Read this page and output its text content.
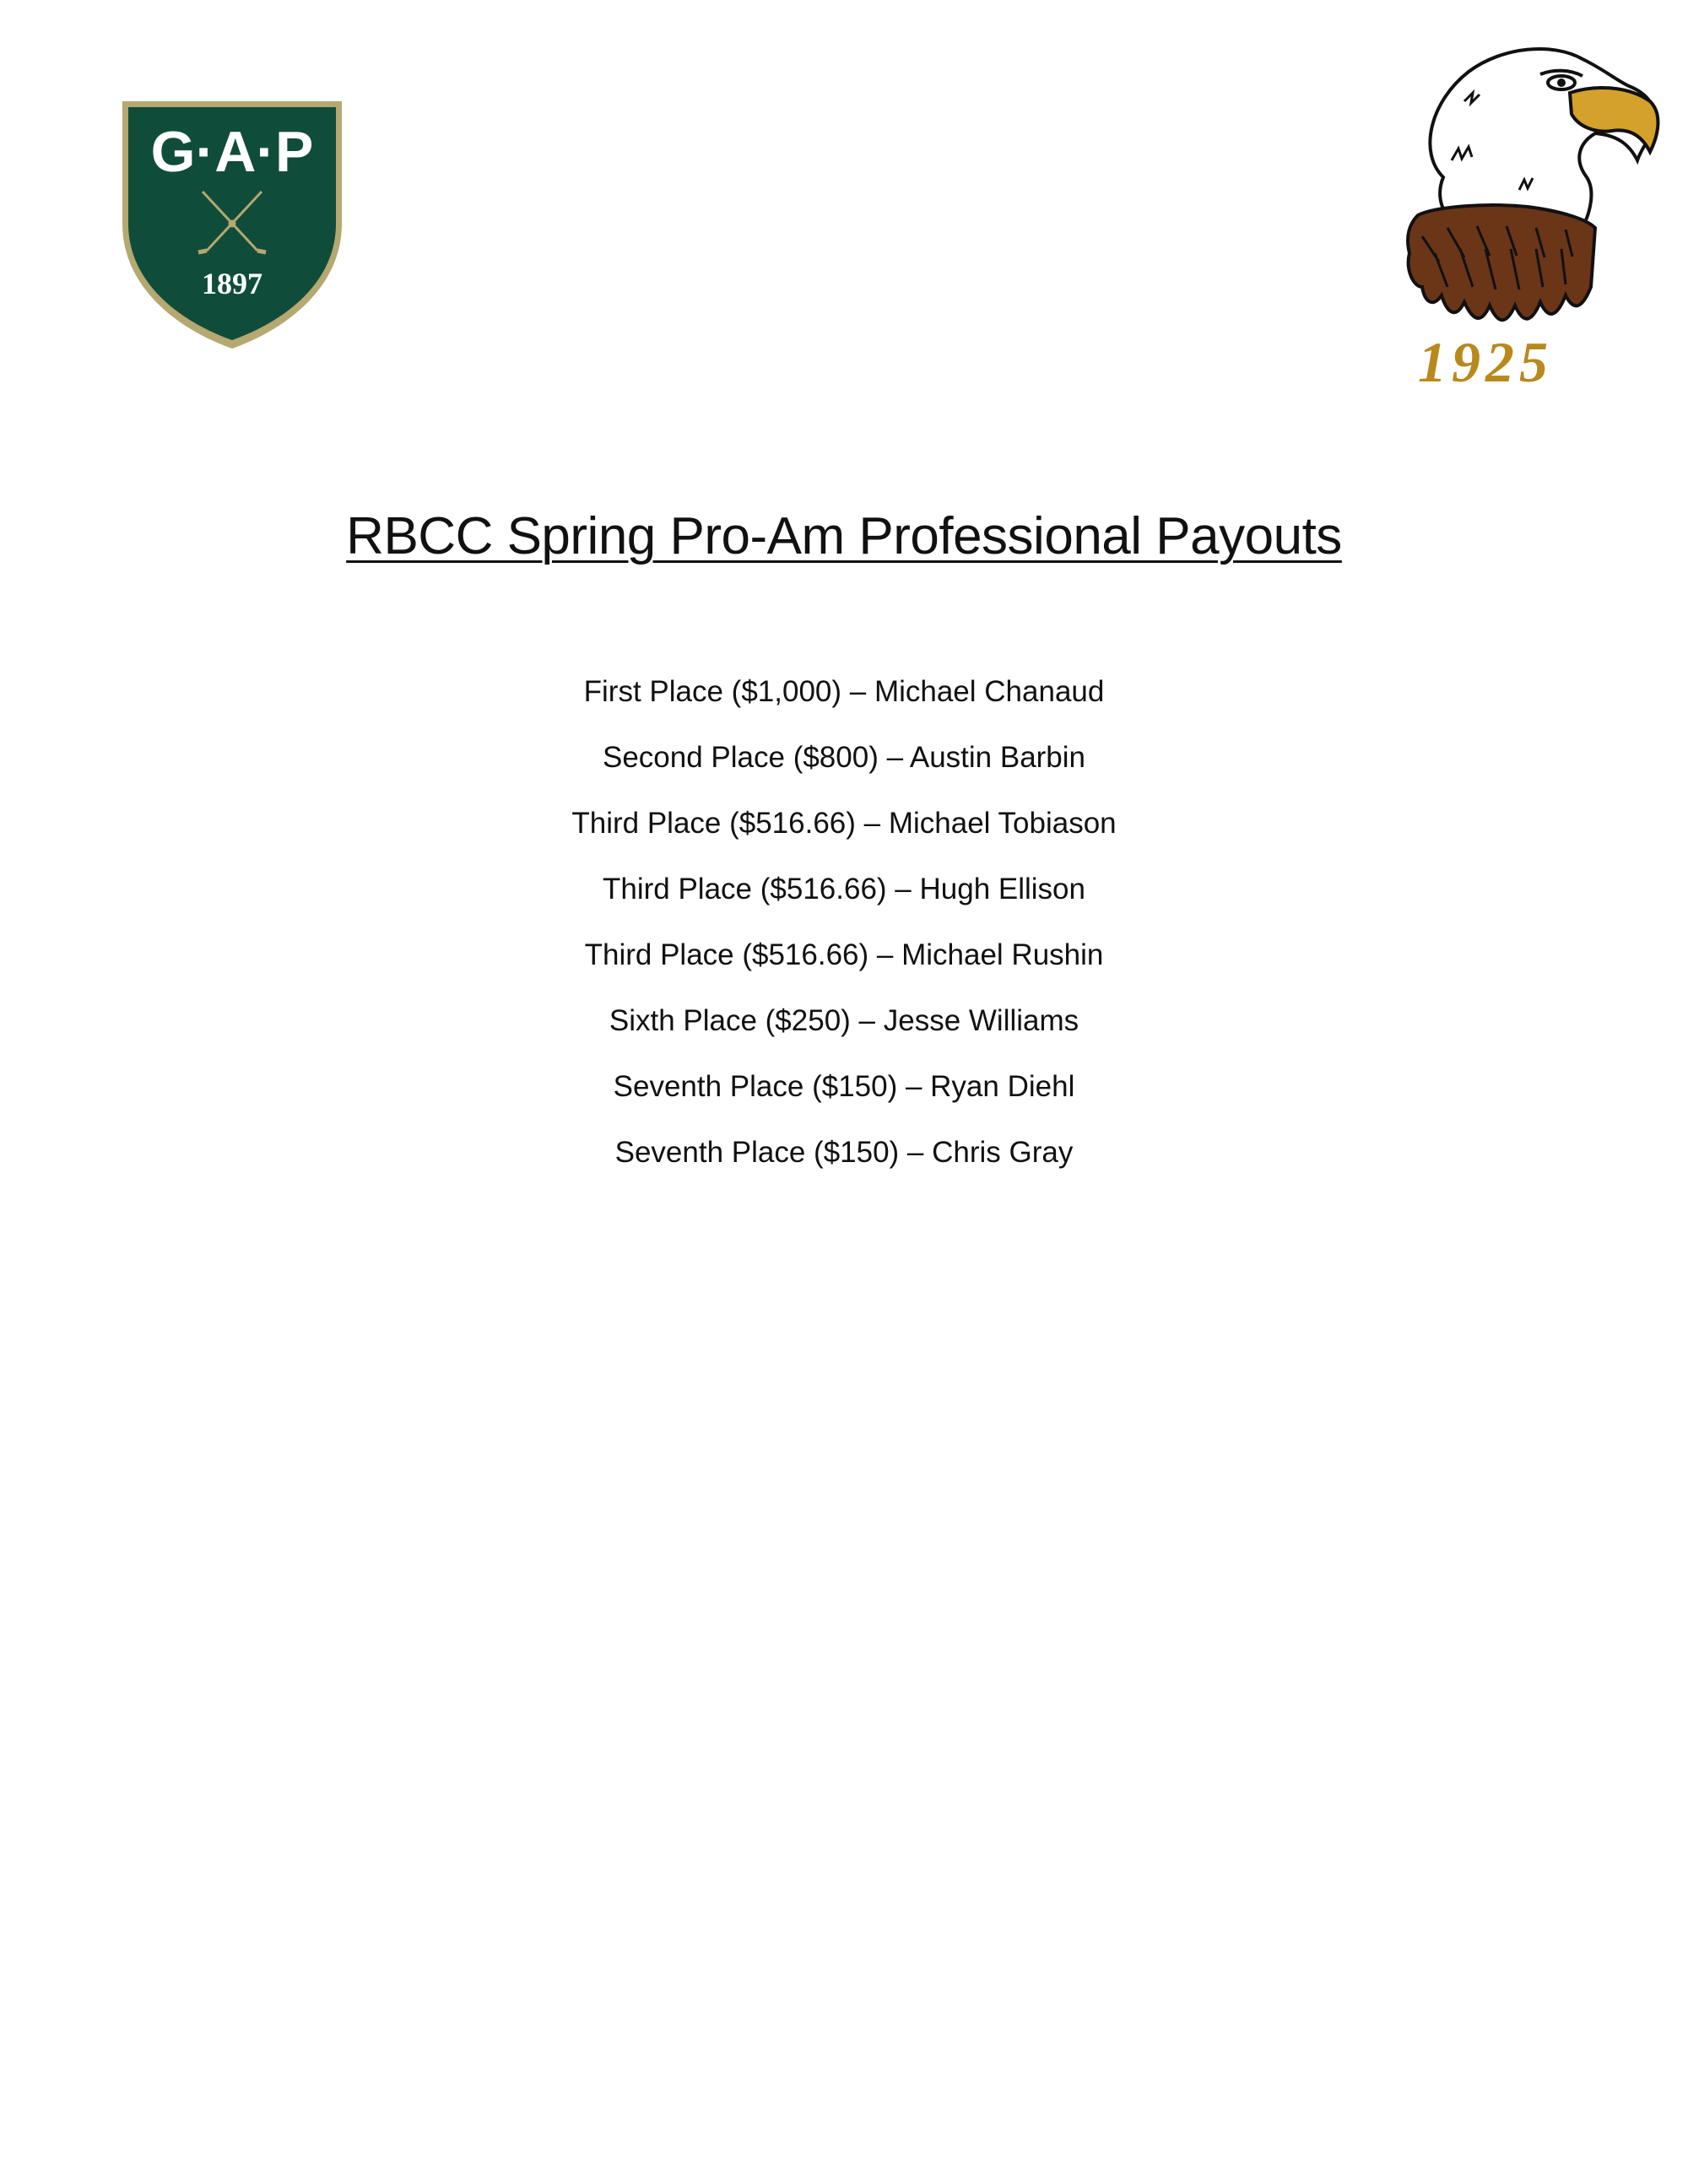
G·A·P
1897
1925
RBCC Spring Pro-Am Professional Payouts
First Place ($1,000) – Michael Chanaud
Second Place ($800) – Austin Barbin
Third Place ($516.66) – Michael Tobiason
Third Place ($516.66) – Hugh Ellison
Third Place ($516.66) – Michael Rushin
Sixth Place ($250) – Jesse Williams
Seventh Place ($150) – Ryan Diehl
Seventh Place ($150) – Chris Gray
